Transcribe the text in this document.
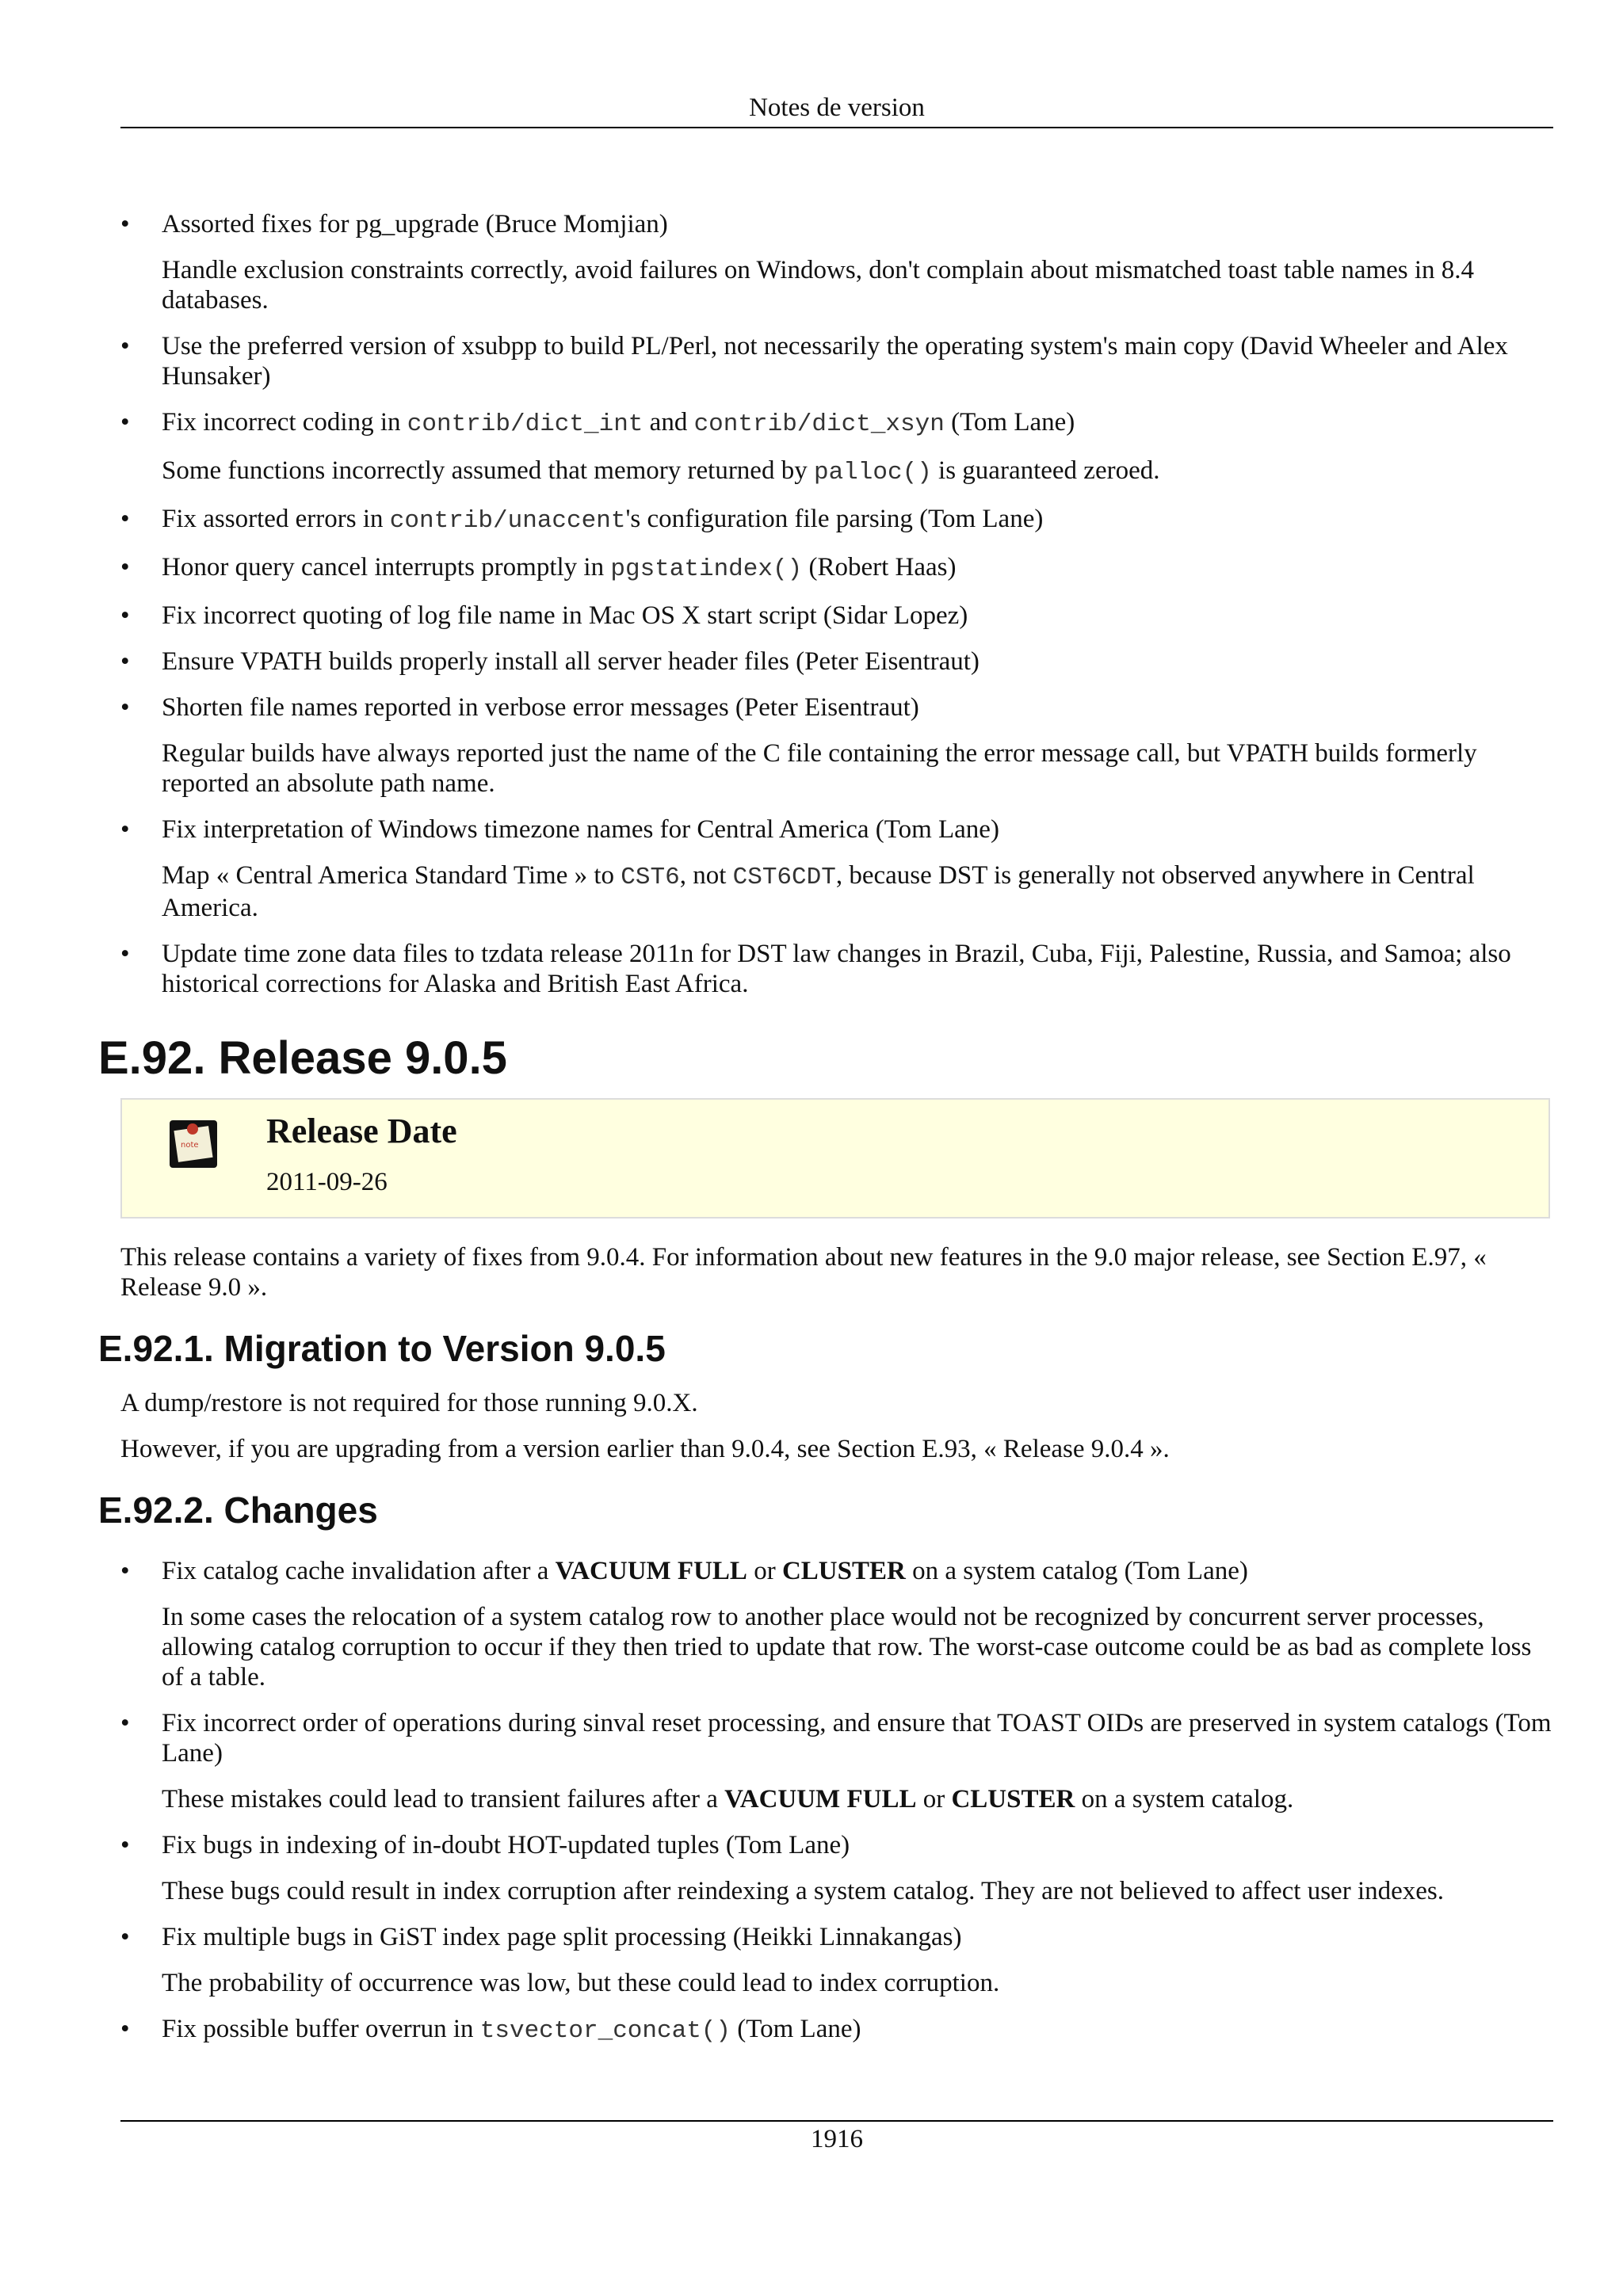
Notes de version
• Assorted fixes for pg_upgrade (Bruce Momjian)

Handle exclusion constraints correctly, avoid failures on Windows, don't complain about mismatched toast table names in 8.4 databases.

• Use the preferred version of xsubpp to build PL/Perl, not necessarily the operating system's main copy (David Wheeler and Alex Hunsaker)

• Fix incorrect coding in contrib/dict_int and contrib/dict_xsyn (Tom Lane)

Some functions incorrectly assumed that memory returned by palloc() is guaranteed zeroed.

• Fix assorted errors in contrib/unaccent's configuration file parsing (Tom Lane)

• Honor query cancel interrupts promptly in pgstatindex() (Robert Haas)

• Fix incorrect quoting of log file name in Mac OS X start script (Sidar Lopez)

• Ensure VPATH builds properly install all server header files (Peter Eisentraut)

• Shorten file names reported in verbose error messages (Peter Eisentraut)

Regular builds have always reported just the name of the C file containing the error message call, but VPATH builds formerly reported an absolute path name.

• Fix interpretation of Windows timezone names for Central America (Tom Lane)

Map « Central America Standard Time » to CST6, not CST6CDT, because DST is generally not observed anywhere in Central America.

• Update time zone data files to tzdata release 2011n for DST law changes in Brazil, Cuba, Fiji, Palestine, Russia, and Samoa; also historical corrections for Alaska and British East Africa.

E.92. Release 9.0.5
note Release Date
2011-09-26

This release contains a variety of fixes from 9.0.4. For information about new features in the 9.0 major release, see Section E.97, « Release 9.0 ».

E.92.1. Migration to Version 9.0.5

A dump/restore is not required for those running 9.0.X.

However, if you are upgrading from a version earlier than 9.0.4, see Section E.93, « Release 9.0.4 ».

E.92.2. Changes
• Fix catalog cache invalidation after a VACUUM FULL or CLUSTER on a system catalog (Tom Lane)

In some cases the relocation of a system catalog row to another place would not be recognized by concurrent server processes, allowing catalog corruption to occur if they then tried to update that row. The worst-case outcome could be as bad as complete loss of a table.

• Fix incorrect order of operations during sinval reset processing, and ensure that TOAST OIDs are preserved in system catalogs (Tom Lane)

These mistakes could lead to transient failures after a VACUUM FULL or CLUSTER on a system catalog.

• Fix bugs in indexing of in-doubt HOT-updated tuples (Tom Lane)

These bugs could result in index corruption after reindexing a system catalog. They are not believed to affect user indexes.

• Fix multiple bugs in GiST index page split processing (Heikki Linnakangas)

The probability of occurrence was low, but these could lead to index corruption.

• Fix possible buffer overrun in tsvector_concat() (Tom Lane)

1916
